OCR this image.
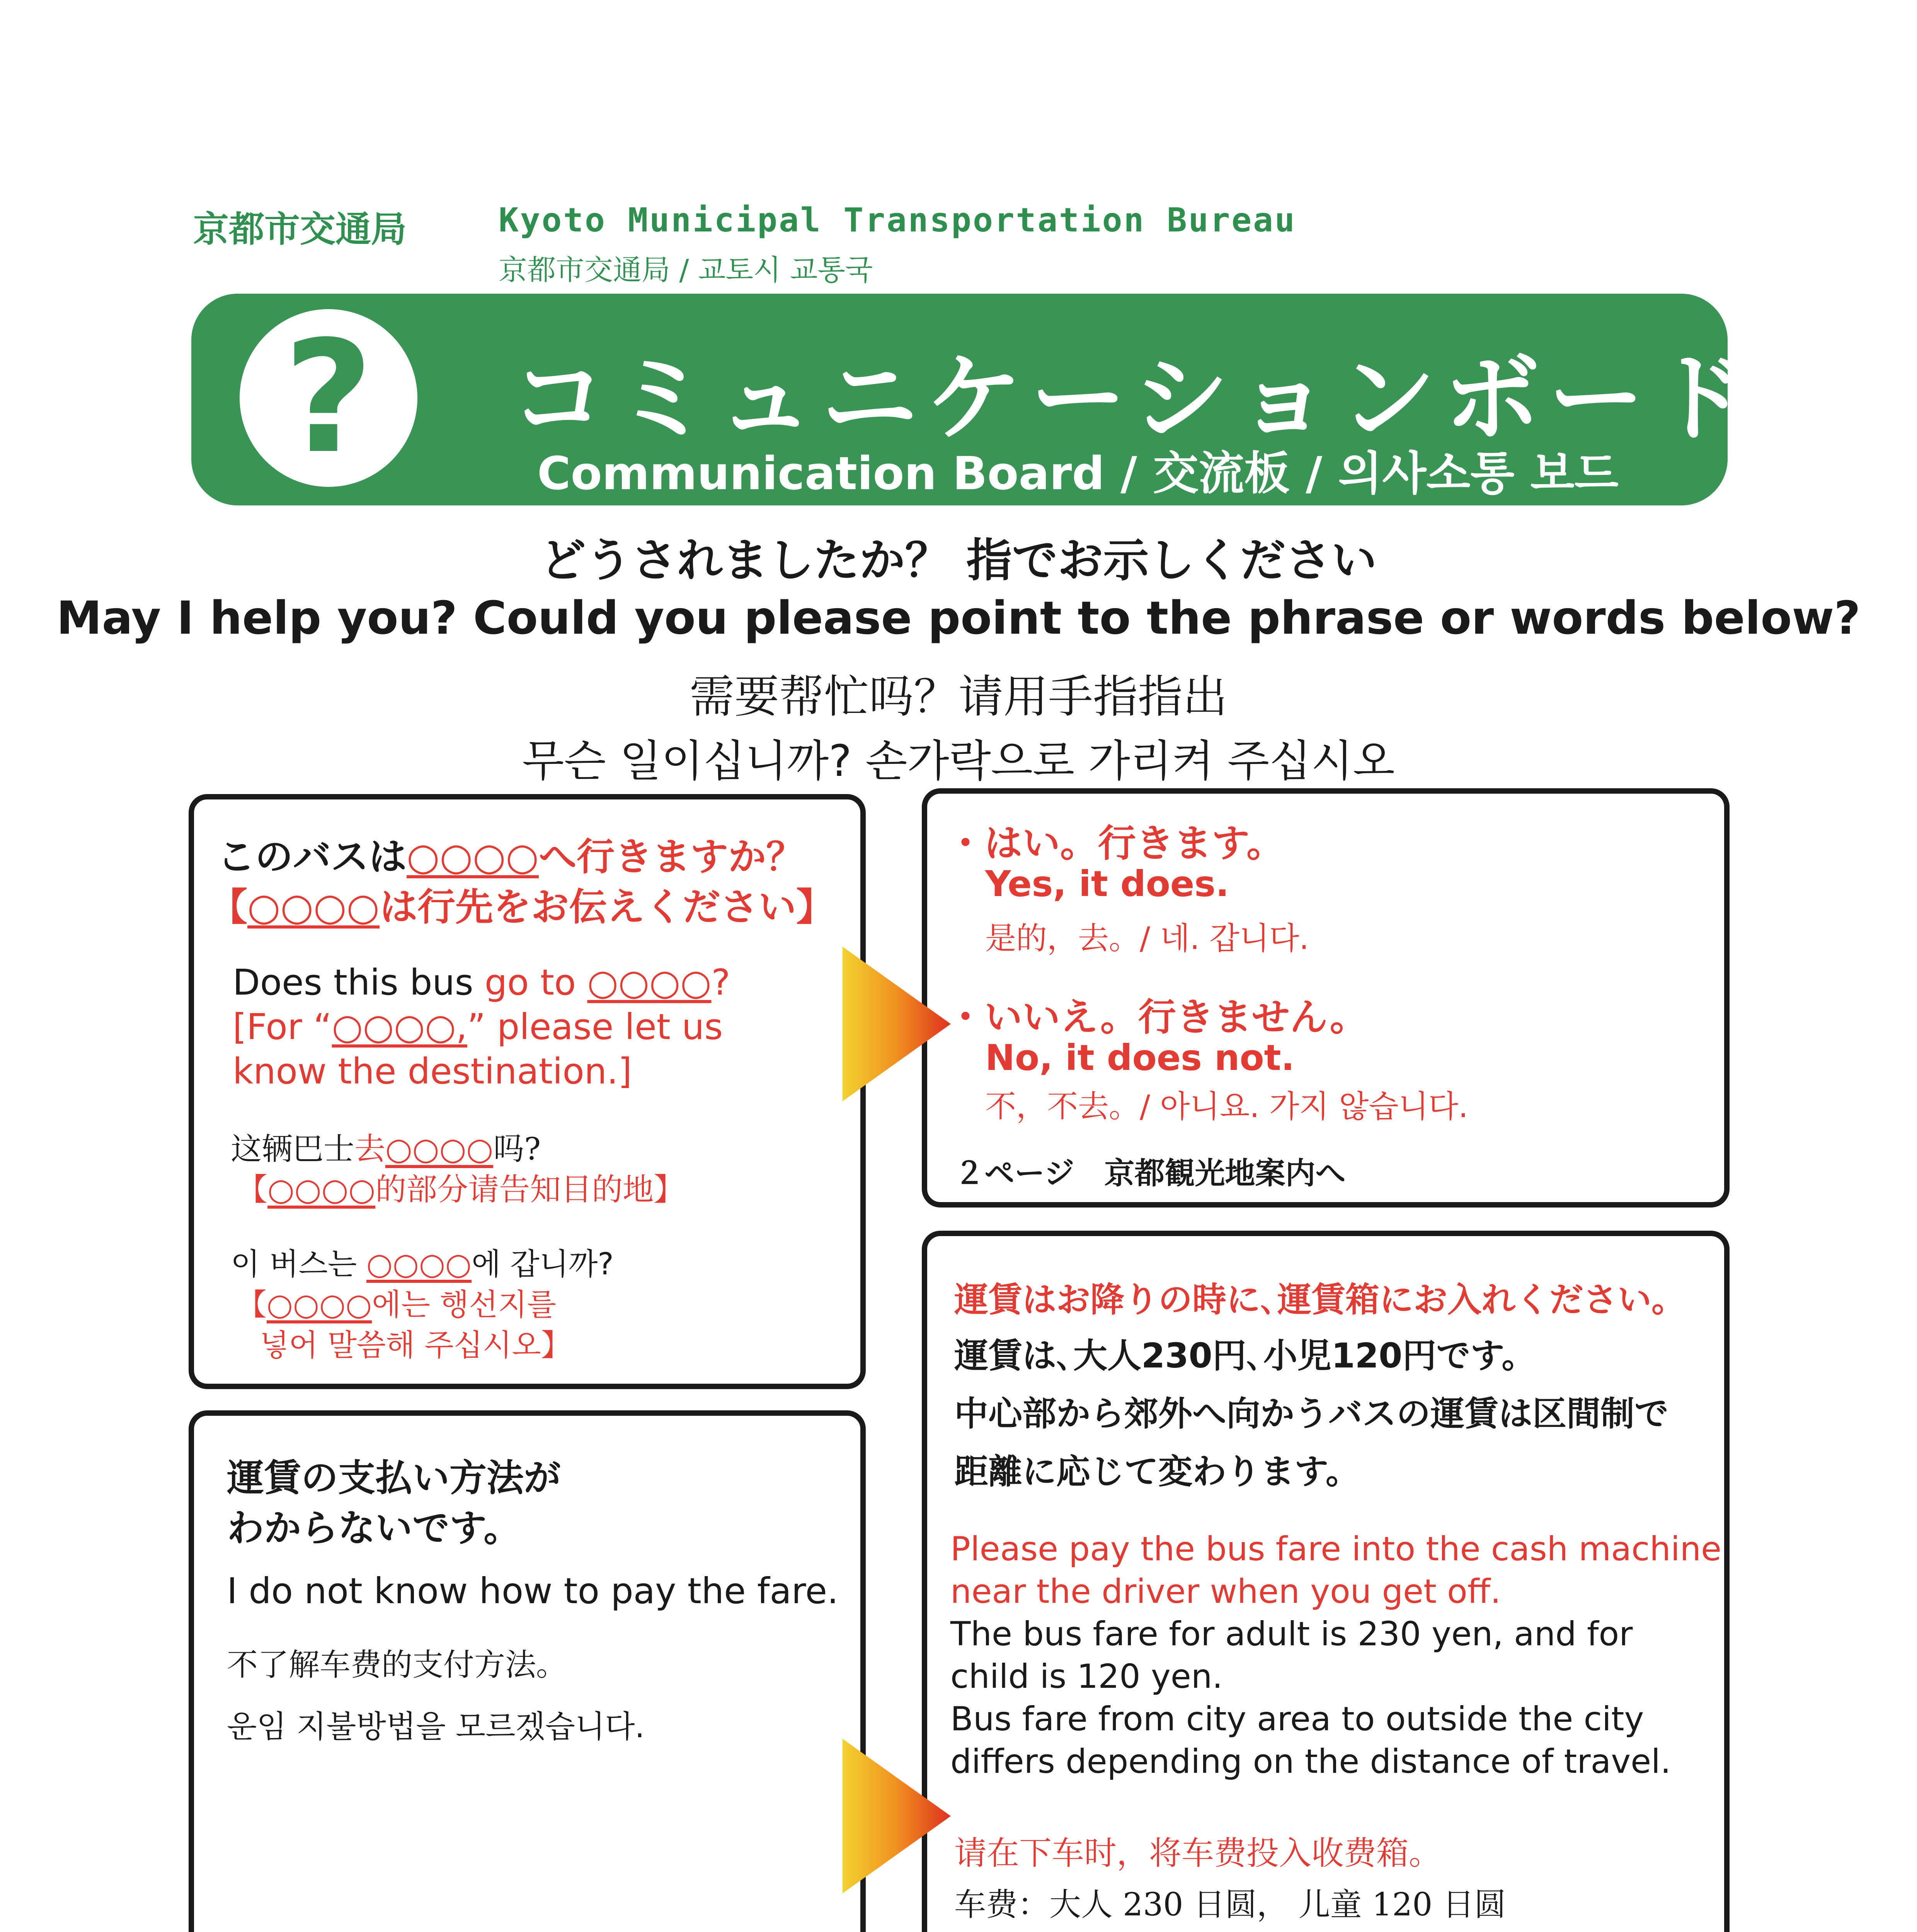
京都市交通局	Kyoto Municipal Transportation Bureau
京都市交通局 / 교토시 교통국
? コミュニケーションボード
Communication Board / 交流板 / 의사소통 보드
どうされましたか？ 指でお示しください
May I help you? Could you please point to the phrase or words below?
需要帮忙吗？请用手指指出
무슨 일이십니까? 손가락으로 가리켜 주십시오
このバスは○○○○へ行きますか？
【○○○○は行先をお伝えください】
Does this bus go to ○○○○?
[For “○○○○,” please let us
know the destination.]
这辆巴士去○○○○吗?
【○○○○的部分请告知目的地】
이 버스는 ○○○○에 갑니까?
【○○○○에는 행선지를
넣어 말씀해 주십시오】
・はい。行きます。
Yes, it does.
是的，去。/ 네. 갑니다.
・いいえ。行きません。
No, it does not.
不，不去。/ 아니요. 가지 않습니다.
２ページ　京都観光地案内へ
運賃の支払い方法が
わからないです。
I do not know how to pay the fare.
不了解车费的支付方法。
운임 지불방법을 모르겠습니다.
運賃はお降りの時に､運賃箱にお入れください。
運賃は､大人230円､小児120円です。
中心部から郊外へ向かうバスの運賃は区間制で
距離に応じて変わります。
Please pay the bus fare into the cash machine
near the driver when you get off.
The bus fare for adult is 230 yen, and for
child is 120 yen.
Bus fare from city area to outside the city
differs depending on the distance of travel.
请在下车时，将车费投入收费箱。
车费：大人 230 日圆， 儿童 120 日圆
